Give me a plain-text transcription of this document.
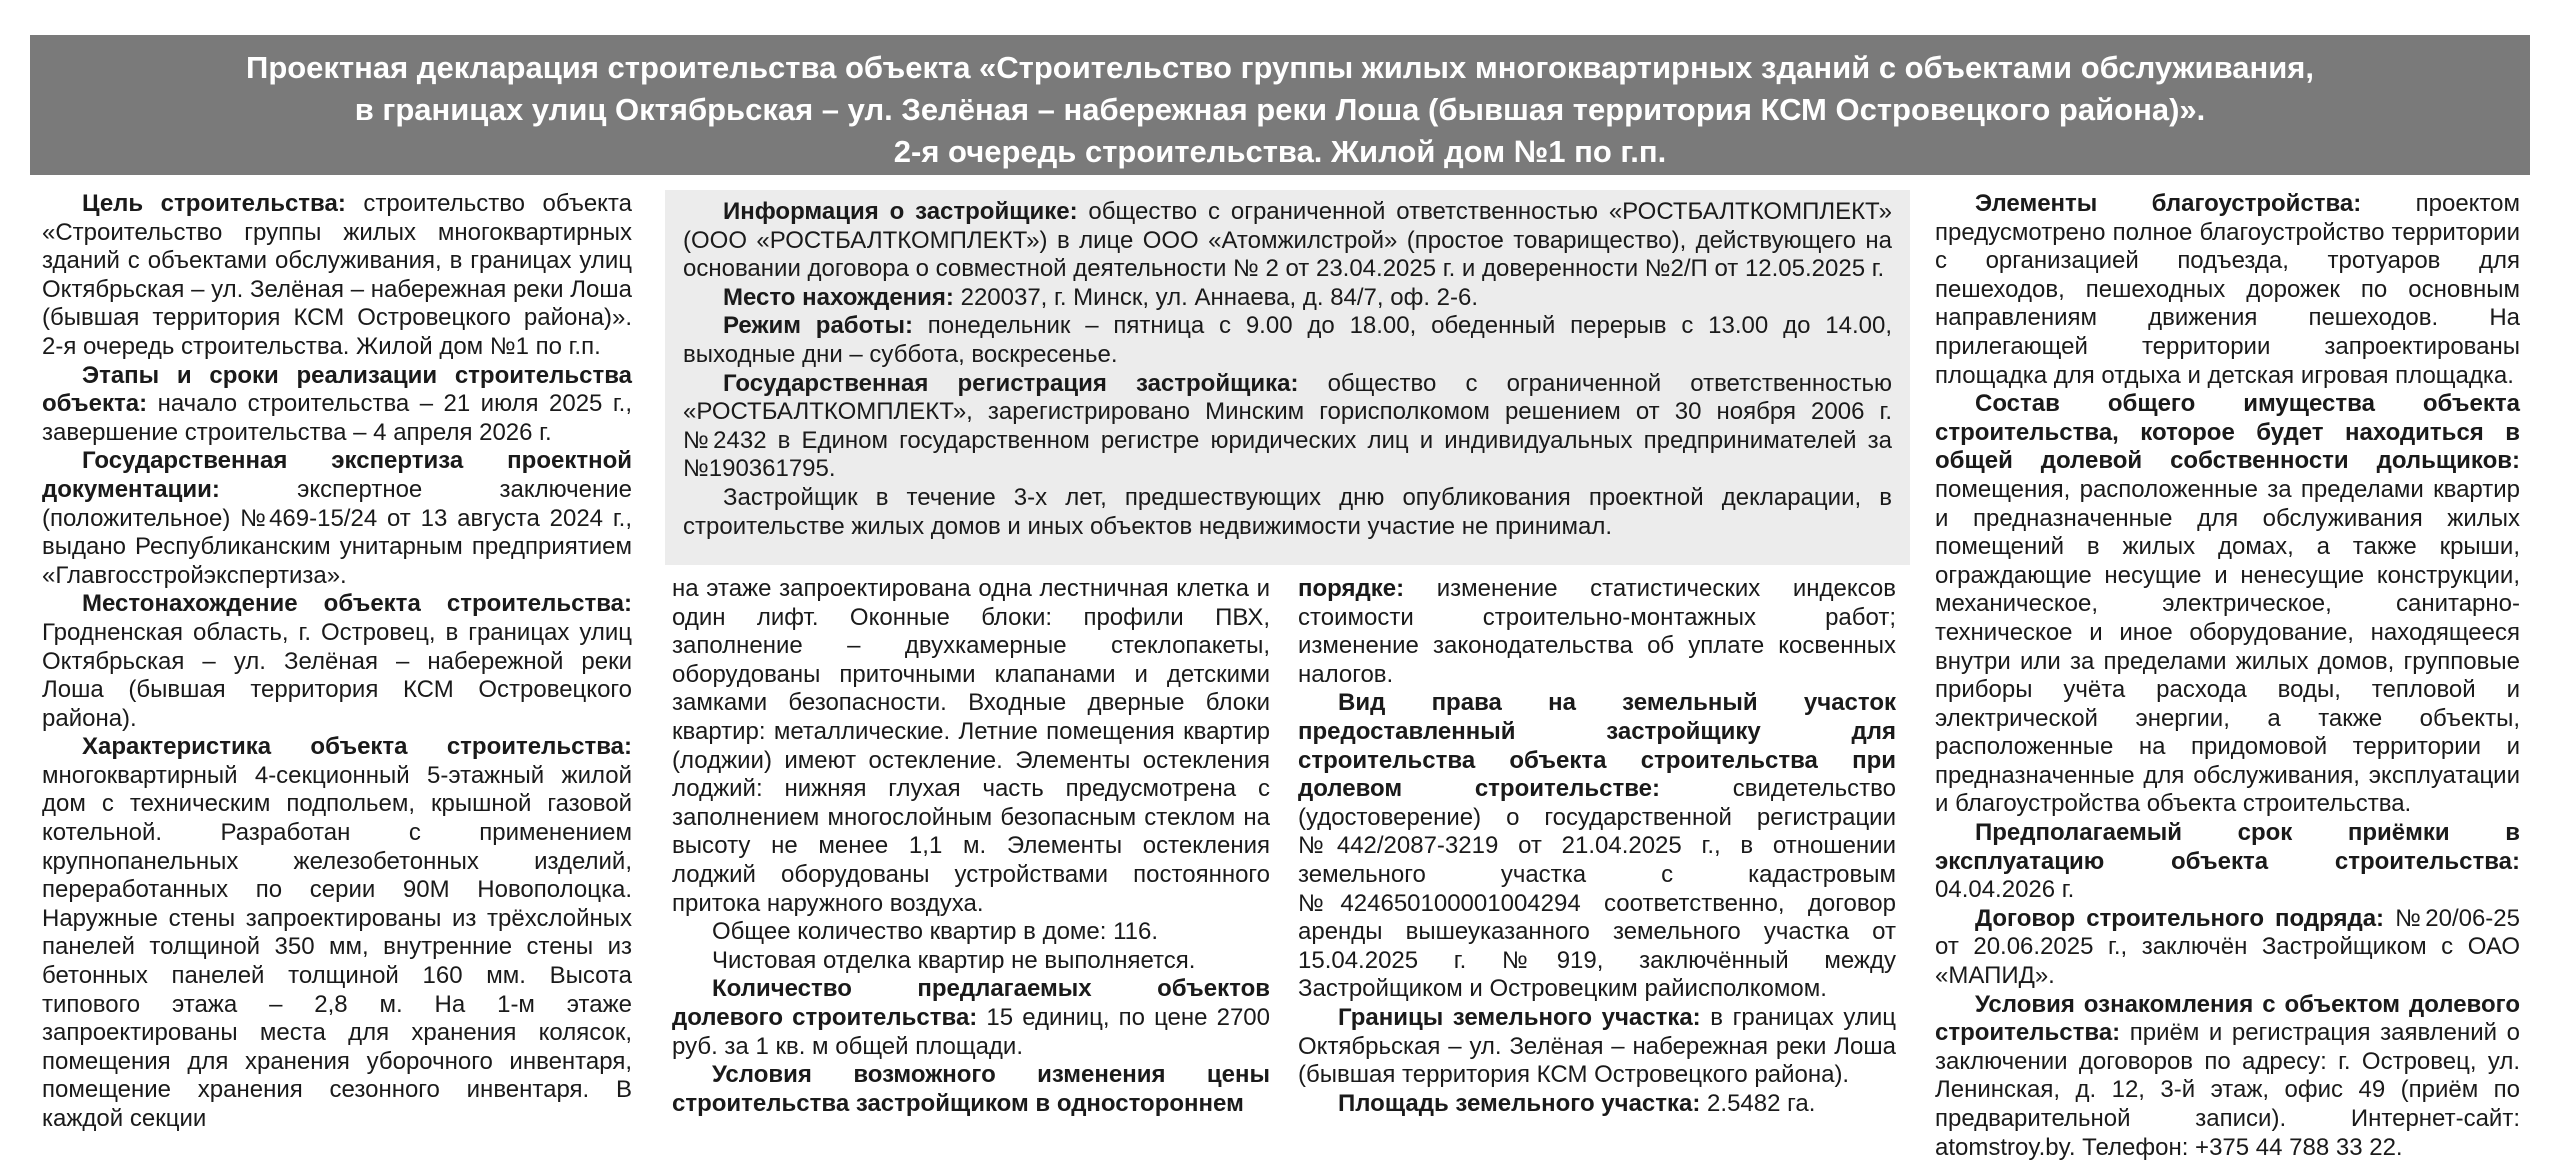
Проектная декларация строительства объекта «Строительство группы жилых многоквартирных зданий с объектами обслуживания,
в границах улиц Октябрьская – ул. Зелёная – набережная реки Лоша (бывшая территория КСМ Островецкого района)».
2-я очередь строительства. Жилой дом №1 по г.п.

Цель строительства: строительство объекта «Строительство группы жилых многоквартирных зданий с объектами обслуживания, в границах улиц Октябрьская – ул. Зелёная – набережная реки Лоша (бывшая территория КСМ Островецкого района)». 2-я очередь строительства. Жилой дом №1 по г.п.

Этапы и сроки реализации строительства объекта: начало строительства – 21 июля 2025 г., завершение строительства – 4 апреля 2026 г.

Государственная экспертиза проектной документации: экспертное заключение (положительное) №469-15/24 от 13 августа 2024 г., выдано Республиканским унитарным предприятием «Главгосстройэкспертиза».

Местонахождение объекта строительства: Гродненская область, г. Островец, в границах улиц Октябрьская – ул. Зелёная – набережной реки Лоша (бывшая территория КСМ Островецкого района).

Характеристика объекта строительства: многоквартирный 4-секционный 5-этажный жилой дом с техническим подпольем, крышной газовой котельной. Разработан с применением крупнопанельных железобетонных изделий, переработанных по серии 90М Новополоцка. Наружные стены запроектированы из трёхслойных панелей толщиной 350 мм, внутренние стены из бетонных панелей толщиной 160 мм. Высота типового этажа – 2,8 м. На 1-м этаже запроектированы места для хранения колясок, помещения для хранения уборочного инвентаря, помещение хранения сезонного инвентаря. В каждой секции

Информация о застройщике: общество с ограниченной ответственностью «РОСТБАЛТКОМПЛЕКТ» (ООО «РОСТБАЛТКОМПЛЕКТ») в лице ООО «Атомжилстрой» (простое товарищество), действующего на основании договора о совместной деятельности № 2 от 23.04.2025 г. и доверенности №2/П от 12.05.2025 г.

Место нахождения: 220037, г. Минск, ул. Аннаева, д. 84/7, оф. 2-6.

Режим работы: понедельник – пятница с 9.00 до 18.00, обеденный перерыв с 13.00 до 14.00, выходные дни – суббота, воскресенье.

Государственная регистрация застройщика: общество с ограниченной ответственностью «РОСТБАЛТКОМПЛЕКТ», зарегистрировано Минским горисполкомом решением от 30 ноября 2006 г. №2432 в Едином государственном регистре юридических лиц и индивидуальных предпринимателей за №190361795.

Застройщик в течение 3-х лет, предшествующих дню опубликования проектной декларации, в строительстве жилых домов и иных объектов недвижимости участие не принимал.

на этаже запроектирована одна лестничная клетка и один лифт. Оконные блоки: профили ПВХ, заполнение – двухкамерные стеклопакеты, оборудованы приточными клапанами и детскими замками безопасности. Входные дверные блоки квартир: металлические. Летние помещения квартир (лоджии) имеют остекление. Элементы остекления лоджий: нижняя глухая часть предусмотрена с заполнением многослойным безопасным стеклом на высоту не менее 1,1 м. Элементы остекления лоджий оборудованы устройствами постоянного притока наружного воздуха.

Общее количество квартир в доме: 116.

Чистовая отделка квартир не выполняется.

Количество предлагаемых объектов долевого строительства: 15 единиц, по цене 2700 руб. за 1 кв. м общей площади.

Условия возможного изменения цены строительства застройщиком в одностороннем

порядке: изменение статистических индексов стоимости строительно-монтажных работ; изменение законодательства об уплате косвенных налогов.

Вид права на земельный участок предоставленный застройщику для строительства объекта строительства при долевом строительстве: свидетельство (удостоверение) о государственной регистрации №442/2087-3219 от 21.04.2025 г., в отношении земельного участка с кадастровым №424650100001004294 соответственно, договор аренды вышеуказанного земельного участка от 15.04.2025 г. №919, заключённый между Застройщиком и Островецким райисполкомом.

Границы земельного участка: в границах улиц Октябрьская – ул. Зелёная – набережная реки Лоша (бывшая территория КСМ Островецкого района).

Площадь земельного участка: 2.5482 га.

Элементы благоустройства: проектом предусмотрено полное благоустройство территории с организацией подъезда, тротуаров для пешеходов, пешеходных дорожек по основным направлениям движения пешеходов. На прилегающей территории запроектированы площадка для отдыха и детская игровая площадка.

Состав общего имущества объекта строительства, которое будет находиться в общей долевой собственности дольщиков: помещения, расположенные за пределами квартир и предназначенные для обслуживания жилых помещений в жилых домах, а также крыши, ограждающие несущие и ненесущие конструкции, механическое, электрическое, санитарно-техническое и иное оборудование, находящееся внутри или за пределами жилых домов, групповые приборы учёта расхода воды, тепловой и электрической энергии, а также объекты, расположенные на придомовой территории и предназначенные для обслуживания, эксплуатации и благоустройства объекта строительства.

Предполагаемый срок приёмки в эксплуатацию объекта строительства: 04.04.2026 г.

Договор строительного подряда: №20/06-25 от 20.06.2025 г., заключён Застройщиком с ОАО «МАПИД».

Условия ознакомления с объектом долевого строительства: приём и регистрация заявлений о заключении договоров по адресу: г. Островец, ул. Ленинская, д. 12, 3-й этаж, офис 49 (приём по предварительной записи). Интернет-сайт: atomstroy.by. Телефон: +375 44 788 33 22.
